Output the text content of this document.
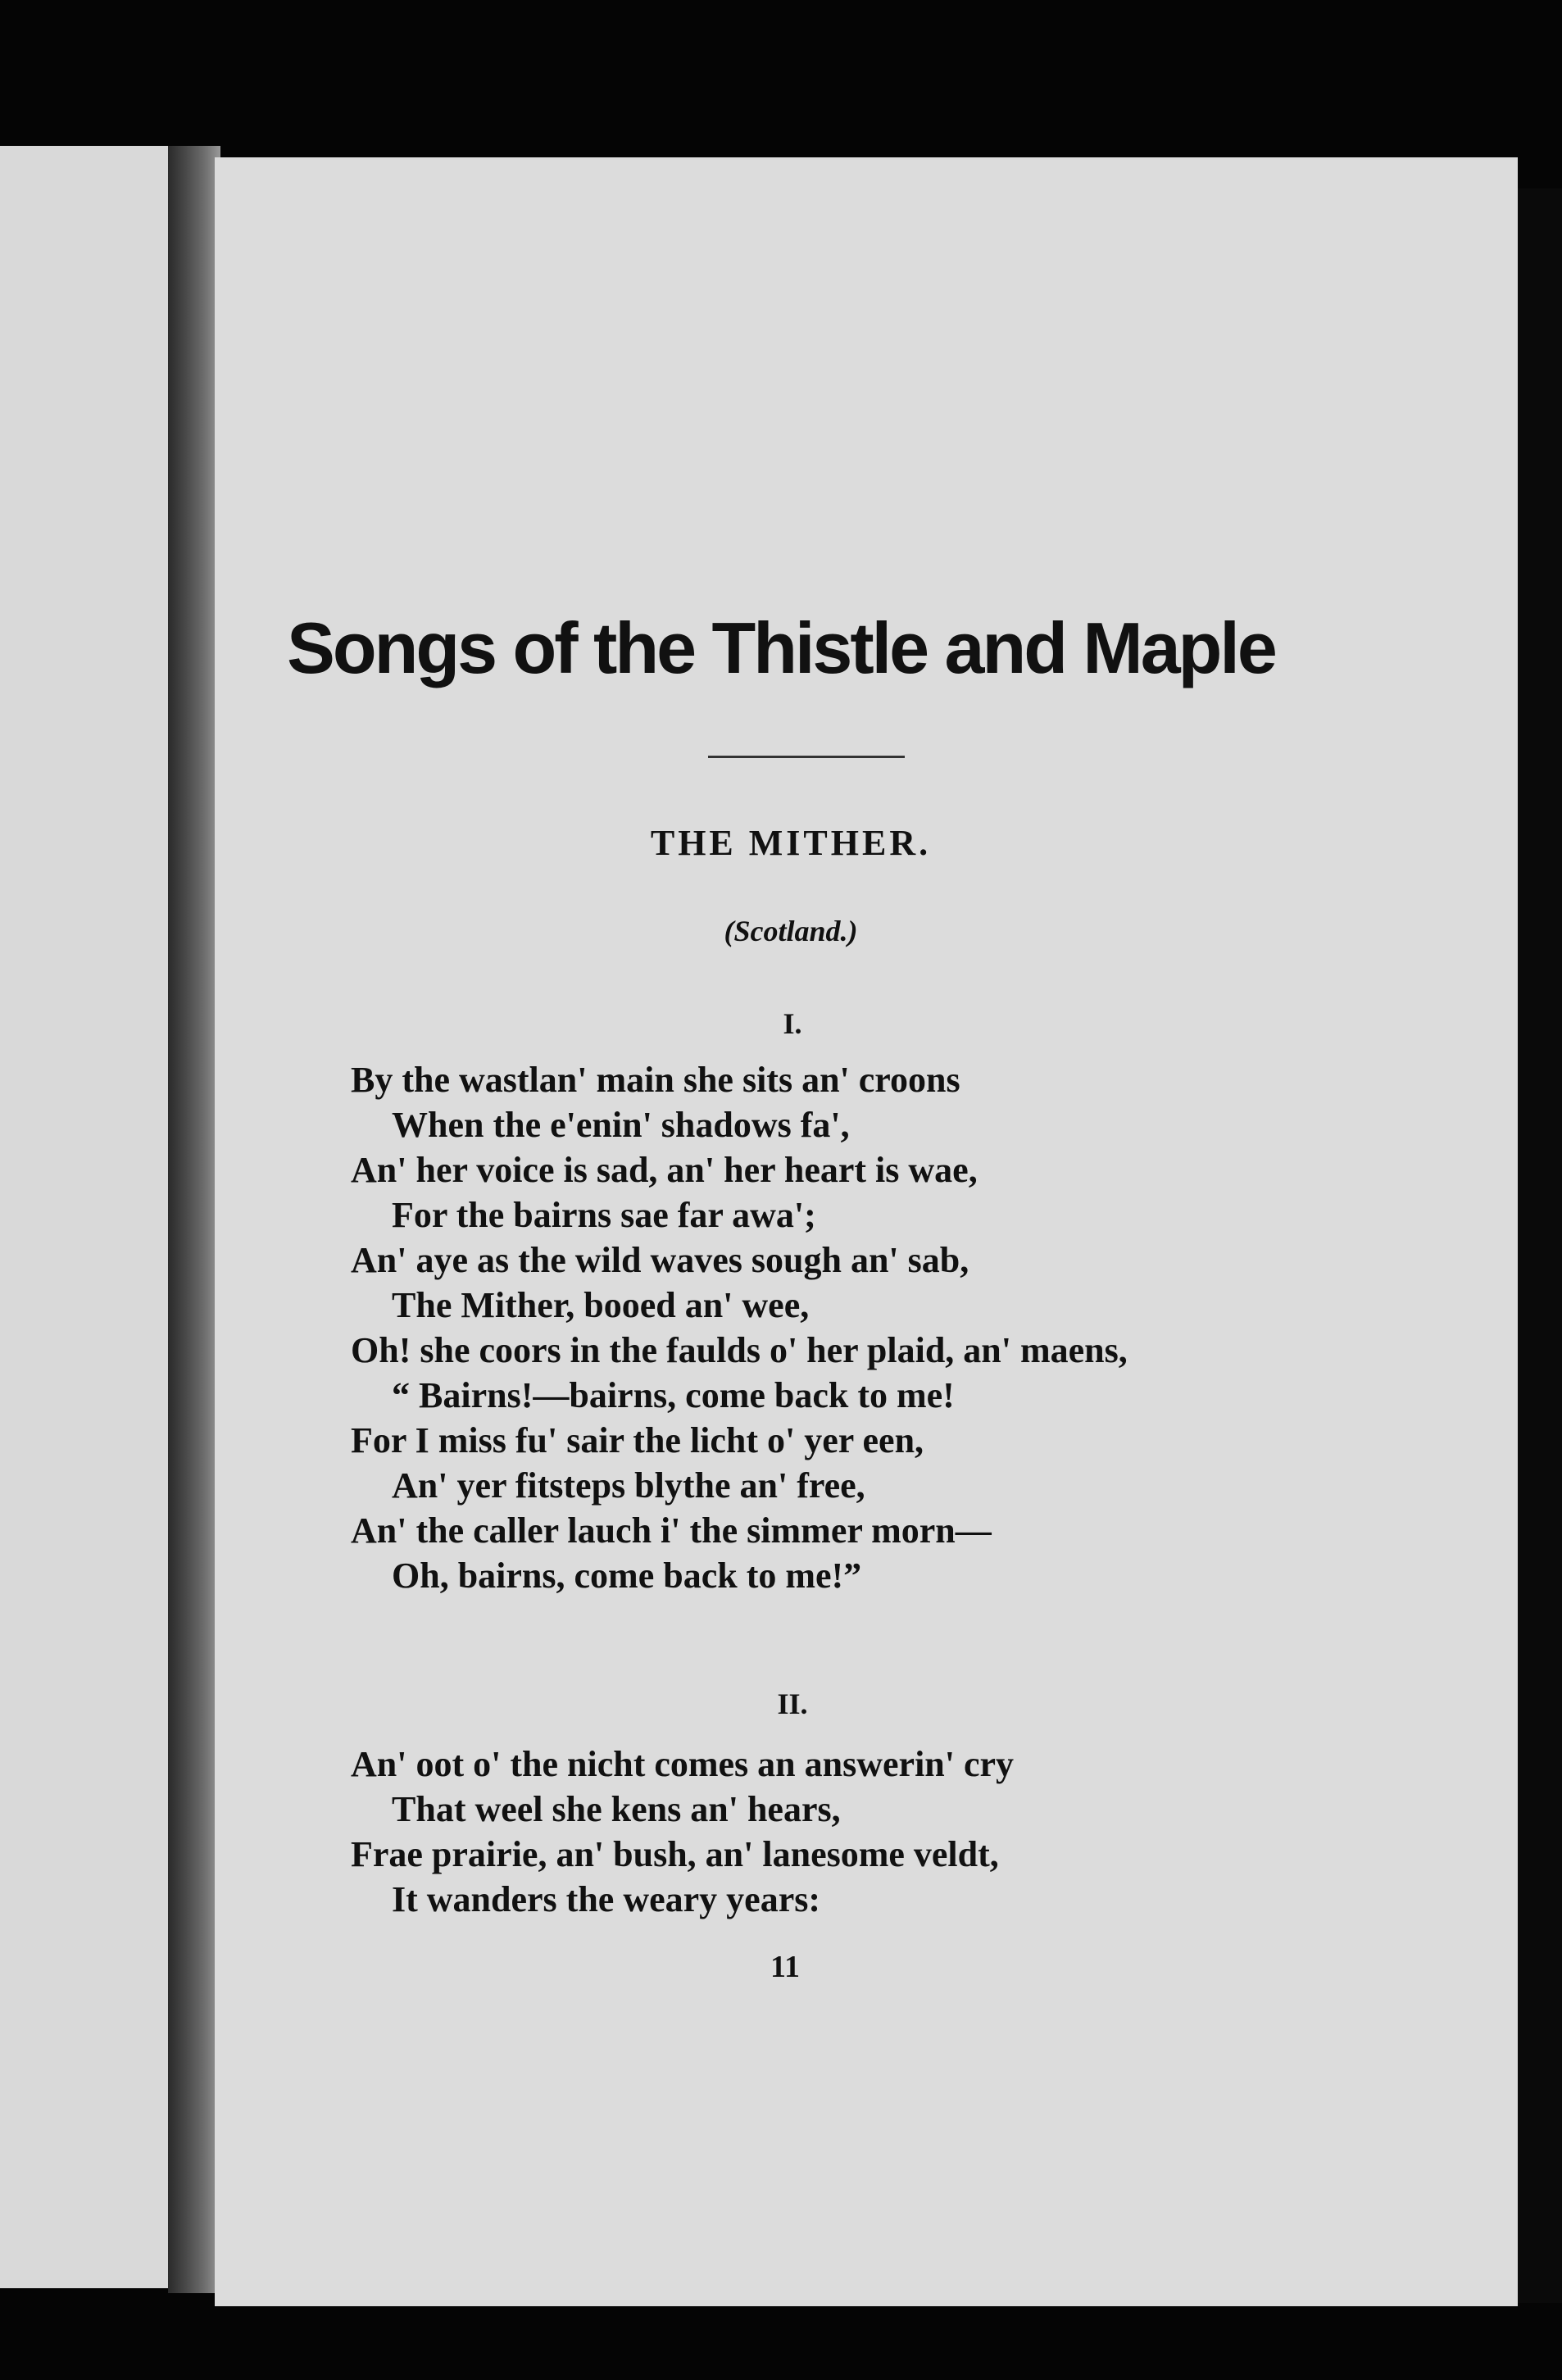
Songs of the Thistle and Maple
THE MITHER.
(Scotland.)
I.
By the wastlan' main she sits an' croons
When the e'enin' shadows fa',
An' her voice is sad, an' her heart is wae,
For the bairns sae far awa';
An' aye as the wild waves sough an' sab,
The Mither, booed an' wee,
Oh! she coors in the faulds o' her plaid, an' maens,
“ Bairns!—bairns, come back to me!
For I miss fu' sair the licht o' yer een,
An' yer fitsteps blythe an' free,
An' the caller lauch i' the simmer morn—
Oh, bairns, come back to me!”
II.
An' oot o' the nicht comes an answerin' cry
That weel she kens an' hears,
Frae prairie, an' bush, an' lanesome veldt,
It wanders the weary years:
11
